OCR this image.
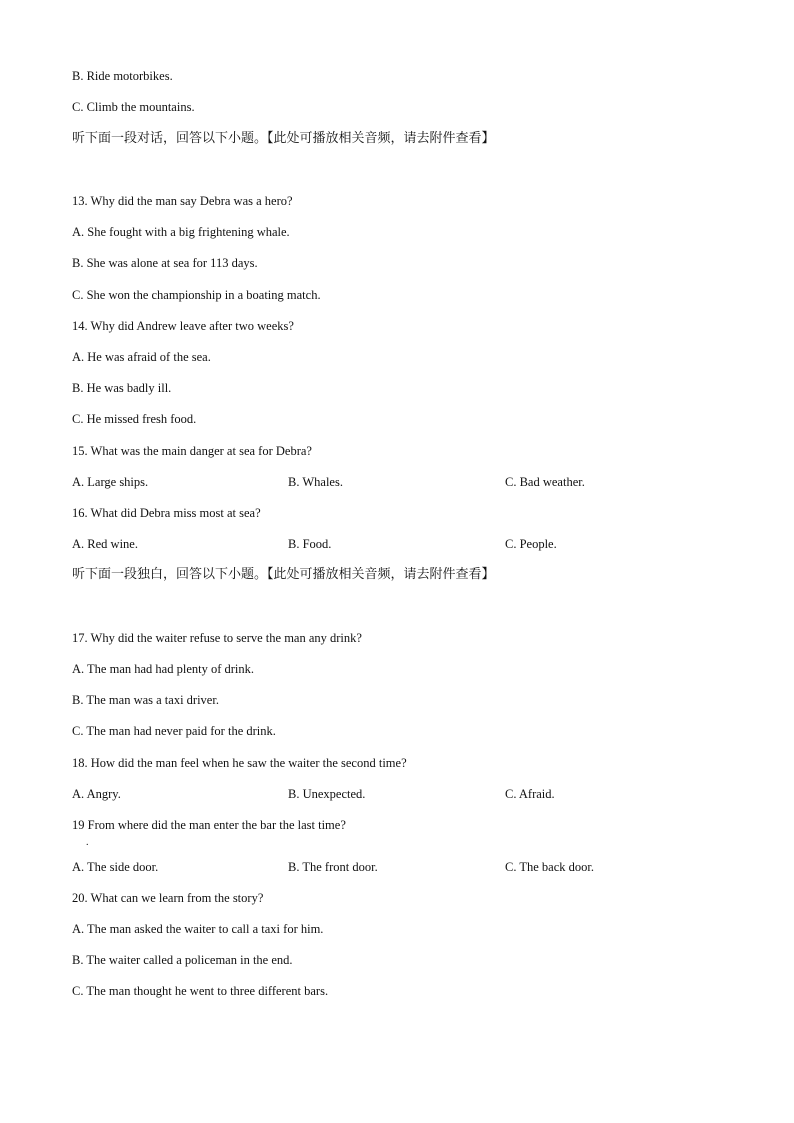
B. Ride motorbikes.
C. Climb the mountains.
听下面一段对话，回答以下小题。【此处可播放相关音频，请去附件查看】
13. Why did the man say Debra was a hero?
A. She fought with a big frightening whale.
B. She was alone at sea for 113 days.
C. She won the championship in a boating match.
14. Why did Andrew leave after two weeks?
A. He was afraid of the sea.
B. He was badly ill.
C. He missed fresh food.
15. What was the main danger at sea for Debra?
A. Large ships.	B. Whales.	C. Bad weather.
16. What did Debra miss most at sea?
A. Red wine.	B. Food.	C. People.
听下面一段独白，回答以下小题。【此处可播放相关音频，请去附件查看】
17. Why did the waiter refuse to serve the man any drink?
A. The man had had plenty of drink.
B. The man was a taxi driver.
C. The man had never paid for the drink.
18. How did the man feel when he saw the waiter the second time?
A. Angry.	B. Unexpected.	C. Afraid.
19 From where did the man enter the bar the last time?
.
A. The side door.	B. The front door.	C. The back door.
20. What can we learn from the story?
A. The man asked the waiter to call a taxi for him.
B. The waiter called a policeman in the end.
C. The man thought he went to three different bars.
